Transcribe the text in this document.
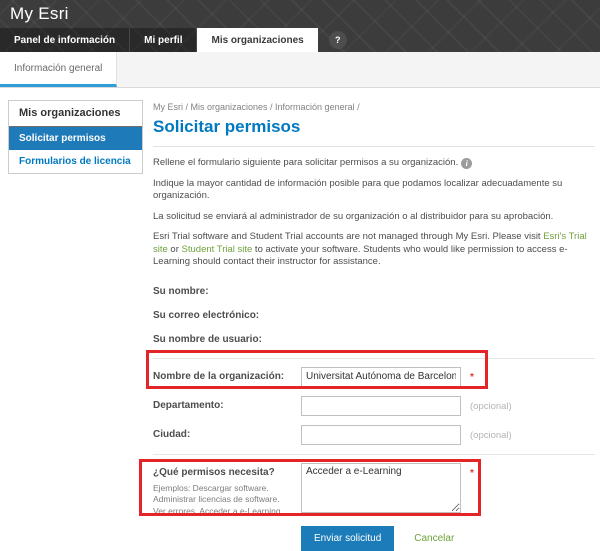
My Esri
Panel de información	Mi perfil	Mis organizaciones	?
Información general
Mis organizaciones
Solicitar permisos
Formularios de licencia
My Esri / Mis organizaciones / Información general /
Solicitar permisos

Rellene el formulario siguiente para solicitar permisos a su organización. i

Indique la mayor cantidad de información posible para que podamos localizar adecuadamente su organización.

La solicitud se enviará al administrador de su organización o al distribuidor para su aprobación.

Esri Trial software and Student Trial accounts are not managed through My Esri. Please visit Esri's Trial site or Student Trial site to activate your software. Students who would like permission to access e-Learning should contact their instructor for assistance.

Su nombre:
Su correo electrónico:
Su nombre de usuario:
Nombre de la organización:
Universitat Autónoma de Barcelona	*
Departamento:	(opcional)
Ciudad:	(opcional)
¿Qué permisos necesita?
Ejemplos: Descargar software. Administrar licencias de software. Ver errores. Acceder a e-Learning.
Acceder a e-Learning
*
Enviar solicitud	Cancelar
